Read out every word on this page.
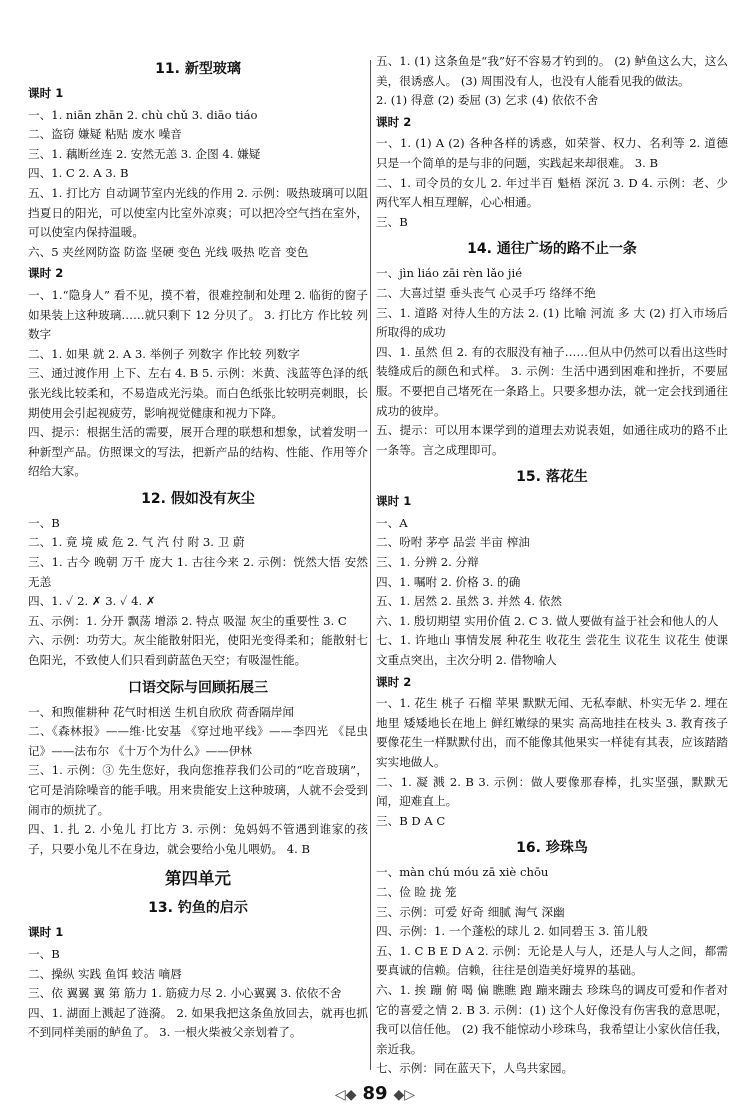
11. 新型玻璃
课时 1
一、1. niān zhān 2. chù chǔ 3. diāo tiáo
二、盗窃 嫌疑 粘贴 废水 噪音
三、1. 藕断丝连 2. 安然无恙 3. 企图 4. 嫌疑
四、1. C 2. A 3. B
五、1. 打比方 自动调节室内光线的作用 2. 示例：吸热玻璃可以阻挡夏日的阳光，可以使室内比室外凉爽；可以把冷空气挡在室外，可以使室内保持温暖。
六、5 夹丝网防盗 防盗 坚硬 变色 光线 吸热 吃音 变色
课时 2
一、1.“隐身人” 看不见，摸不着，很难控制和处理 2. 临街的窗子如果装上这种玻璃……就只剩下 12 分贝了。 3. 打比方 作比较 列数字
二、1. 如果 就 2. A 3. 举例子 列数字 作比较 列数字
三、通过渡作用 上下、左右 4. B 5. 示例：米黄、浅蓝等色泽的纸张光线比较柔和，不易造成光污染。而白色纸张比较明亮刺眼，长期使用会引起视疲劳，影响视觉健康和视力下降。
四、提示：根据生活的需要，展开合理的联想和想象，试着发明一种新型产品。仿照课文的写法，把新产品的结构、性能、作用等介绍给大家。
12. 假如没有灰尘
一、B
二、1. 竟 境 威 危 2. 气 汽 付 附 3. 卫 蔚
三、1. 古今 晚朝 万千 庞大 1. 古往今来 2. 示例：恍然大悟 安然无恙
四、1. ✓ 2. ✗ 3. ✓ 4. ✗
五、示例：1. 分开 飘荡 增添 2. 特点 吸湿 灰尘的重要性 3. C
六、示例：功劳大。灰尘能散射阳光，使阳光变得柔和；能散射七色阳光，不致使人们只看到蔚蓝色天空；有吸湿性能。
口语交际与回顾拓展三
一、和煦催耕种 花气时相送 生机自欣欣 荷香隔岸闻
二、《森林报》——维·比安基 《穿过地平线》——李四光 《昆虫记》——法布尔 《十万个为什么》——伊林
三、1. 示例：③ 先生您好，我向您推荐我们公司的“吃音玻璃”，它可是消除噪音的能手哦。用来贵能安上这种玻璃，人就不会受到闹市的烦扰了。
四、1. 扎 2. 小兔儿 打比方 3. 示例：兔妈妈不管遇到谁家的孩子，只要小兔儿不在身边，就会要给小兔儿喂奶。 4. B
第四单元
13. 钓鱼的启示
课时 1
一、B
二、操纵 实践 鱼饵 蛟洁 嘀唇
三、依 翼翼 翼 第 筋力 1. 筋疲力尽 2. 小心翼翼 3. 依依不舍
四、1. 湖面上溅起了涟漪。 2. 如果我把这条鱼放回去，就再也抓不到同样美丽的鲈鱼了。 3. 一根火柴被父亲划着了。
五、1. (1) 这条鱼是“我”好不容易才钓到的。 (2) 鲈鱼这么大，这么美，很诱惑人。 (3) 周围没有人，也没有人能看见我的做法。
2. (1) 得意 (2) 委屈 (3) 乞求 (4) 依依不舍
课时 2
一、1. (1) A (2) 各种各样的诱惑，如荣誉、权力、名利等 2. 道德只是一个简单的是与非的问题，实践起来却很难。 3. B
二、1. 司令员的女儿 2. 年过半百 魁梧 深沉 3. D 4. 示例：老、少两代军人相互理解，心心相通。
三、B
14. 通往广场的路不止一条
一、jìn liáo zāi rèn lǎo jié
二、大喜过望 垂头丧气 心灵手巧 络绎不绝
三、1. 道路 对待人生的方法 2. (1) 比喻 河流 多 大 (2) 打入市场后所取得的成功
四、1. 虽然 但 2. 有的衣服没有袖子……但从中仍然可以看出这些时装缝成后的颜色和式样。 3. 示例：生活中遇到困难和挫折，不要屈服。不要把自己堵死在一条路上。只要多想办法，就一定会找到通往成功的彼岸。
五、提示：可以用本课学到的道理去劝说表姐，如通往成功的路不止一条等。言之成理即可。
15. 落花生
课时 1
一、A
二、吩咐 茅亭 品尝 半亩 榨油
三、1. 分辨 2. 分辩
四、1. 嘱咐 2. 价格 3. 的确
五、1. 居然 2. 虽然 3. 并然 4. 依然
六、1. 殷切期望 实用价值 2. C 3. 做人要做有益于社会和他人的人
七、1. 许地山 事情发展 种花生 收花生 尝花生 议花生 议花生 使课文重点突出，主次分明 2. 借物喻人
课时 2
一、1. 花生 桃子 石榴 苹果 默默无闻、无私奉献、朴实无华 2. 埋在地里 矮矮地长在地上 鲜红嫩绿的果实 高高地挂在枝头 3. 教育孩子要像花生一样默默付出，而不能像其他果实一样徒有其表，应该踏踏实实地做人。
二、1. 凝 溅 2. B 3. 示例：做人要像那春棒，扎实坚强，默默无闻，迎难直上。
三、B D A C
16. 珍珠鸟
一、màn chú móu zā xiè chōu
二、俭 睑 拢 笼
三、示例：可爱 好奇 细腻 淘气 深幽
四、示例：1. 一个蓬松的球儿 2. 如同碧玉 3. 笛儿般
五、1. C B E D A 2. 示例：无论是人与人，还是人与人之间，都需要真诚的信赖。信赖，往往是创造美好境界的基础。
六、1. 挨 蹦 俯 喝 偏 瞧瞧 跑 蹦来蹦去 珍珠鸟的调皮可爱和作者对它的喜爱之情 2. B 3. 示例：(1) 这个人好像没有伤害我的意思呢，我可以信任他。 (2) 我不能惊动小珍珠鸟，我希望让小家伙信任我，亲近我。
七、示例：同在蓝天下，人鸟共家园。
◁◆ 89 ◆▷
